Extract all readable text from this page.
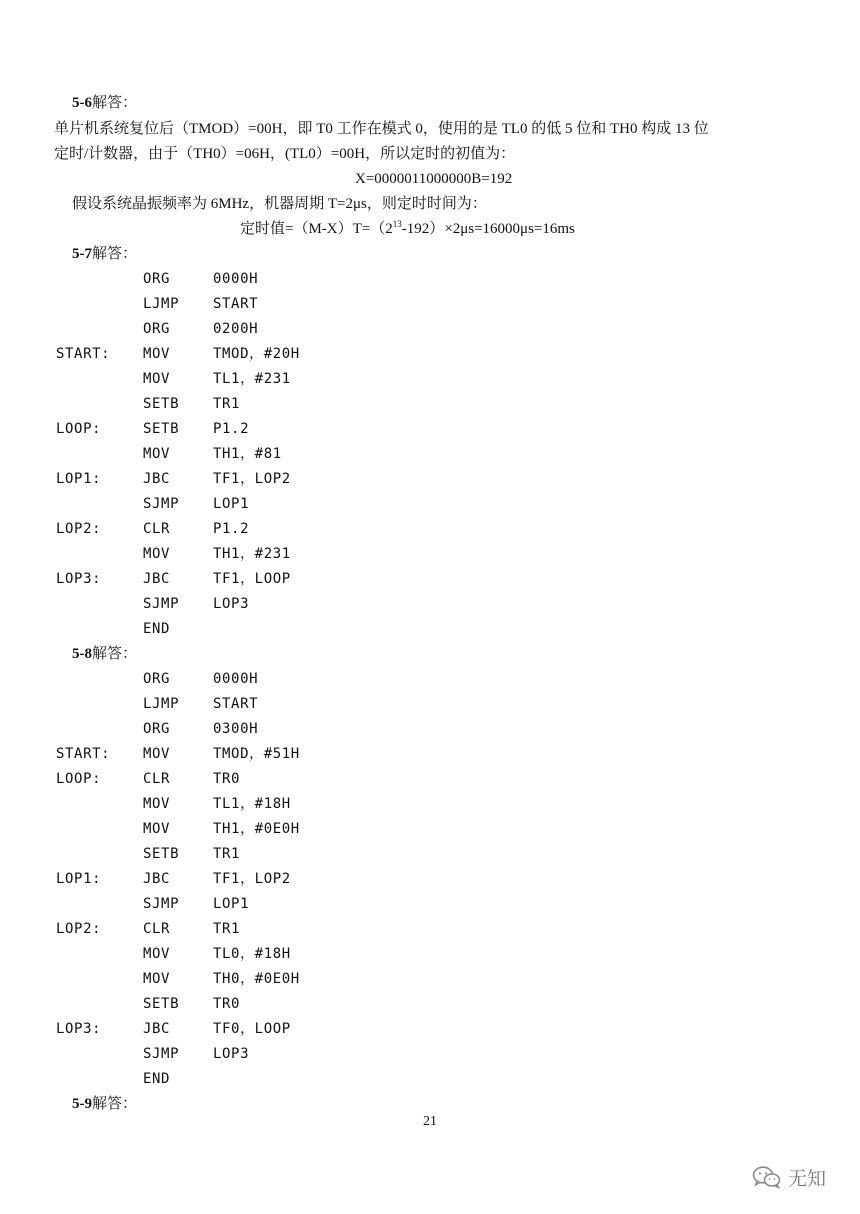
5-6解答：
单片机系统复位后（TMOD）=00H，即 T0 工作在模式 0，使用的是 TL0 的低 5 位和 TH0 构成 13 位
定时/计数器，由于（TH0）=06H，(TL0）=00H，所以定时的初值为：
X=0000011000000B=192
假设系统晶振频率为 6MHz，机器周期 T=2μs，则定时时间为：
定时值$=(M-X)T=(2^{13}-192)\times 2\mu s=16000\mu s=16ms$
5-7解答：
ORG	0000H
LJMP START
ORG	0200H
START: MOV	TMOD，#20H
MOV	TL1，#231
SETB TR1
LOOP:	SETB P1.2
MOV	TH1，#81
LOP1:	JBC	TF1，LOP2
SJMP LOP1
LOP2:	CLR	P1.2
MOV	TH1，#231
LOP3:	JBC	TF1，LOOP
SJMP LOP3
END
5-8解答：
ORG	0000H
LJMP START
ORG	0300H
START: MOV	TMOD，#51H
LOOP:	CLR	TR0
MOV	TL1，#18H
MOV	TH1，#0E0H
SETB TR1
LOP1:	JBC	TF1，LOP2
SJMP LOP1
LOP2:	CLR	TR1
MOV	TL0，#18H
MOV	TH0，#0E0H
SETB TR0
LOP3:	JBC	TF0，LOOP
SJMP LOP3
END
5-9解答：
21
无知
